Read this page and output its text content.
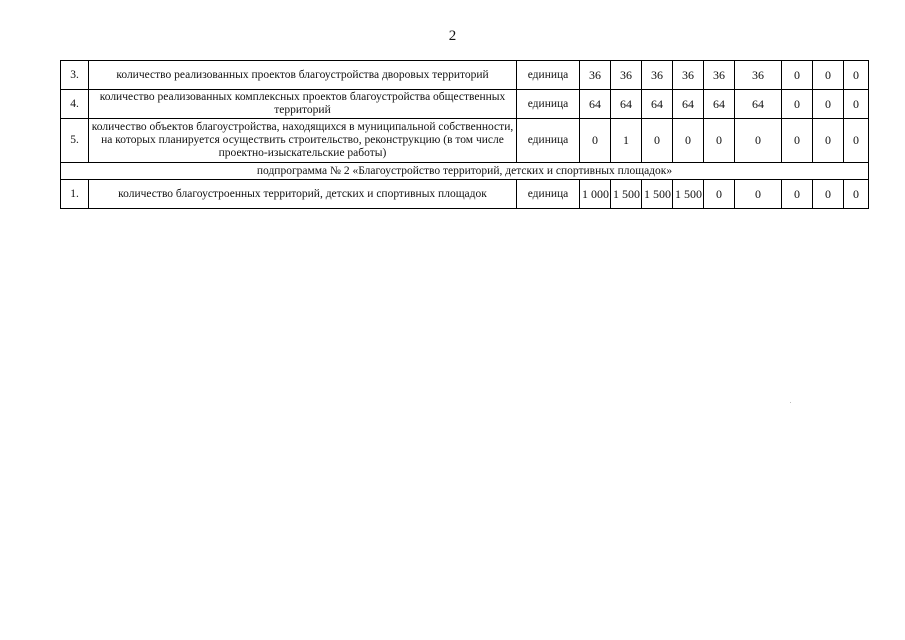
2
3.	количество реализованных проектов благоустройства дворовых территорий	единица	36	36	36	36	36	36	0	0	0
4.	количество реализованных комплексных проектов благоустройства общественных территорий	единица	64	64	64	64	64	64	0	0	0
5.	количество объектов благоустройства, находящихся в муниципальной собственности, на которых планируется осуществить строительство, реконструкцию (в том числе проектно-изыскательские работы)	единица	0	1	0	0	0	0	0	0	0
подпрограмма № 2 «Благоустройство территорий, детских и спортивных площадок»											
1.	количество благоустроенных территорий, детских и спортивных площадок	единица	1 000	1 500	1 500	1 500	0	0	0	0	0
